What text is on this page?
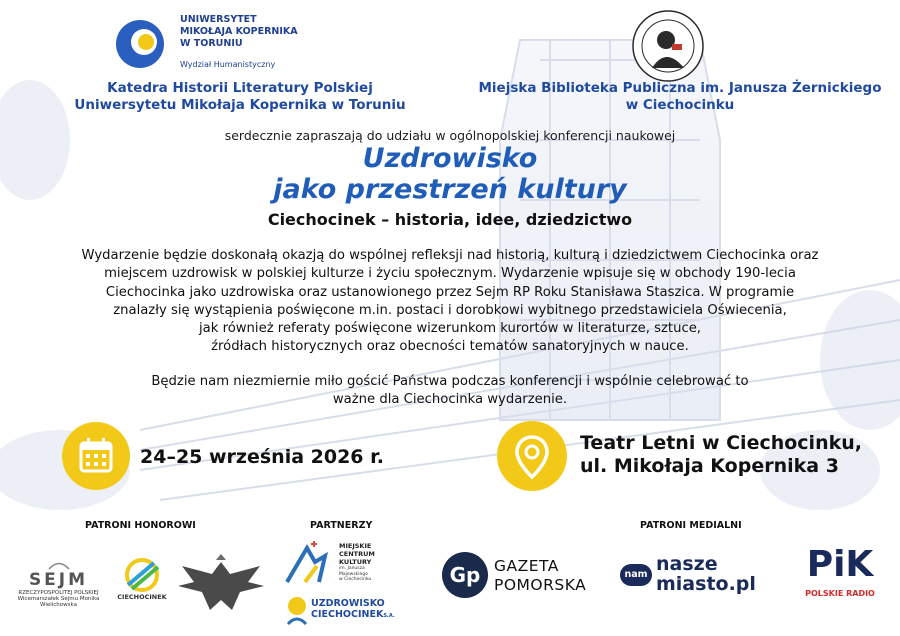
UNIWERSYTET
MIKOŁAJA KOPERNIKA
W TORUNIU
Wydział Humanistyczny
Katedra Historii Literatury Polskiej
Uniwersytetu Mikołaja Kopernika w Toruniu
Miejska Biblioteka Publiczna im. Janusza Żernickiego
w Ciechocinku
serdecznie zapraszają do udziału w ogólnopolskiej konferencji naukowej
Uzdrowisko
jako przestrzeń kultury
Ciechocinek – historia, idee, dziedzictwo
Wydarzenie będzie doskonałą okazją do wspólnej refleksji nad historią, kulturą i dziedzictwem Ciechocinka oraz
miejscem uzdrowisk w polskiej kulturze i życiu społecznym. Wydarzenie wpisuje się w obchody 190-lecia
Ciechocinka jako uzdrowiska oraz ustanowionego przez Sejm RP Roku Stanisława Staszica. W programie
znalazły się wystąpienia poświęcone m.in. postaci i dorobkowi wybitnego przedstawiciela Oświecenia,
jak również referaty poświęcone wizerunkom kurortów w literaturze, sztuce,
źródłach historycznych oraz obecności tematów sanatoryjnych w nauce.
Będzie nam niezmiernie miło gościć Państwa podczas konferencji i wspólnie celebrować to
ważne dla Ciechocinka wydarzenie.
24–25 września 2026 r.
Teatr Letni w Ciechocinku,
ul. Mikołaja Kopernika 3
PATRONI HONOROWI	PARTNERZY	PATRONI MEDIALNI
SEJM
RZECZYPOSPOLITEJ POLSKIEJ
Wicemarszałek Sejmu Monika Wielichowska
CIECHOCINEK
MIEJSKIE
CENTRUM
KULTURY
im. Janusza Majewskiego
w Ciechocinku
UZDROWISKO
CIECHOCINEKS.A.
Gp GAZETA
POMORSKA
nam nasze
miasto.pl	PiK
POLSKIE RADIO
